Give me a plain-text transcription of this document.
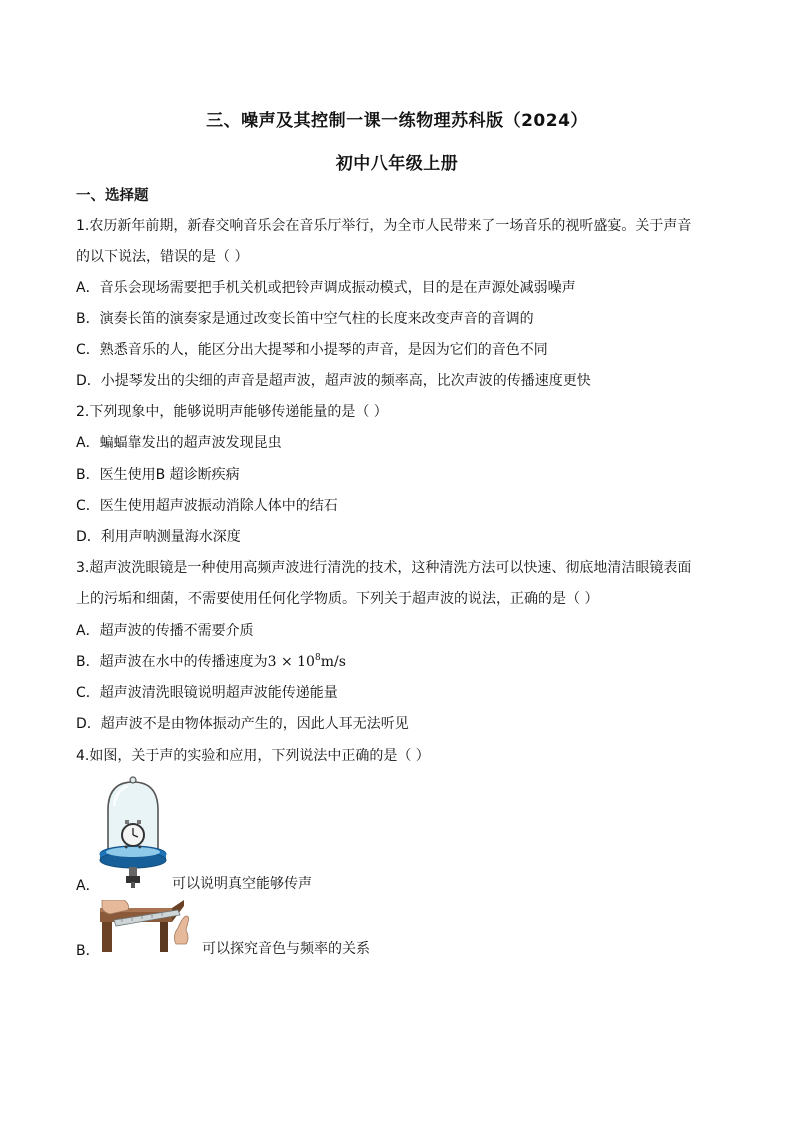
三、噪声及其控制一课一练物理苏科版（2024）
初中八年级上册
一、选择题
1.农历新年前期，新春交响音乐会在音乐厅举行，为全市人民带来了一场音乐的视听盛宴。关于声音
的以下说法，错误的是（ ）
A．音乐会现场需要把手机关机或把铃声调成振动模式，目的是在声源处减弱噪声
B．演奏长笛的演奏家是通过改变长笛中空气柱的长度来改变声音的音调的
C．熟悉音乐的人，能区分出大提琴和小提琴的声音，是因为它们的音色不同
D．小提琴发出的尖细的声音是超声波，超声波的频率高，比次声波的传播速度更快
2.下列现象中，能够说明声能够传递能量的是（ ）
A．蝙蝠靠发出的超声波发现昆虫
B．医生使用B 超诊断疾病
C．医生使用超声波振动消除人体中的结石
D．利用声呐测量海水深度
3.超声波洗眼镜是一种使用高频声波进行清洗的技术，这种清洗方法可以快速、彻底地清洁眼镜表面
上的污垢和细菌，不需要使用任何化学物质。下列关于超声波的说法，正确的是（ ）
A．超声波的传播不需要介质
B．超声波在水中的传播速度为$3 \times 10^8m/s$
C．超声波清洗眼镜说明超声波能传递能量
D．超声波不是由物体振动产生的，因此人耳无法听见
4.如图，关于声的实验和应用，下列说法中正确的是（ ）
A．	可以说明真空能够传声
B．	可以探究音色与频率的关系
